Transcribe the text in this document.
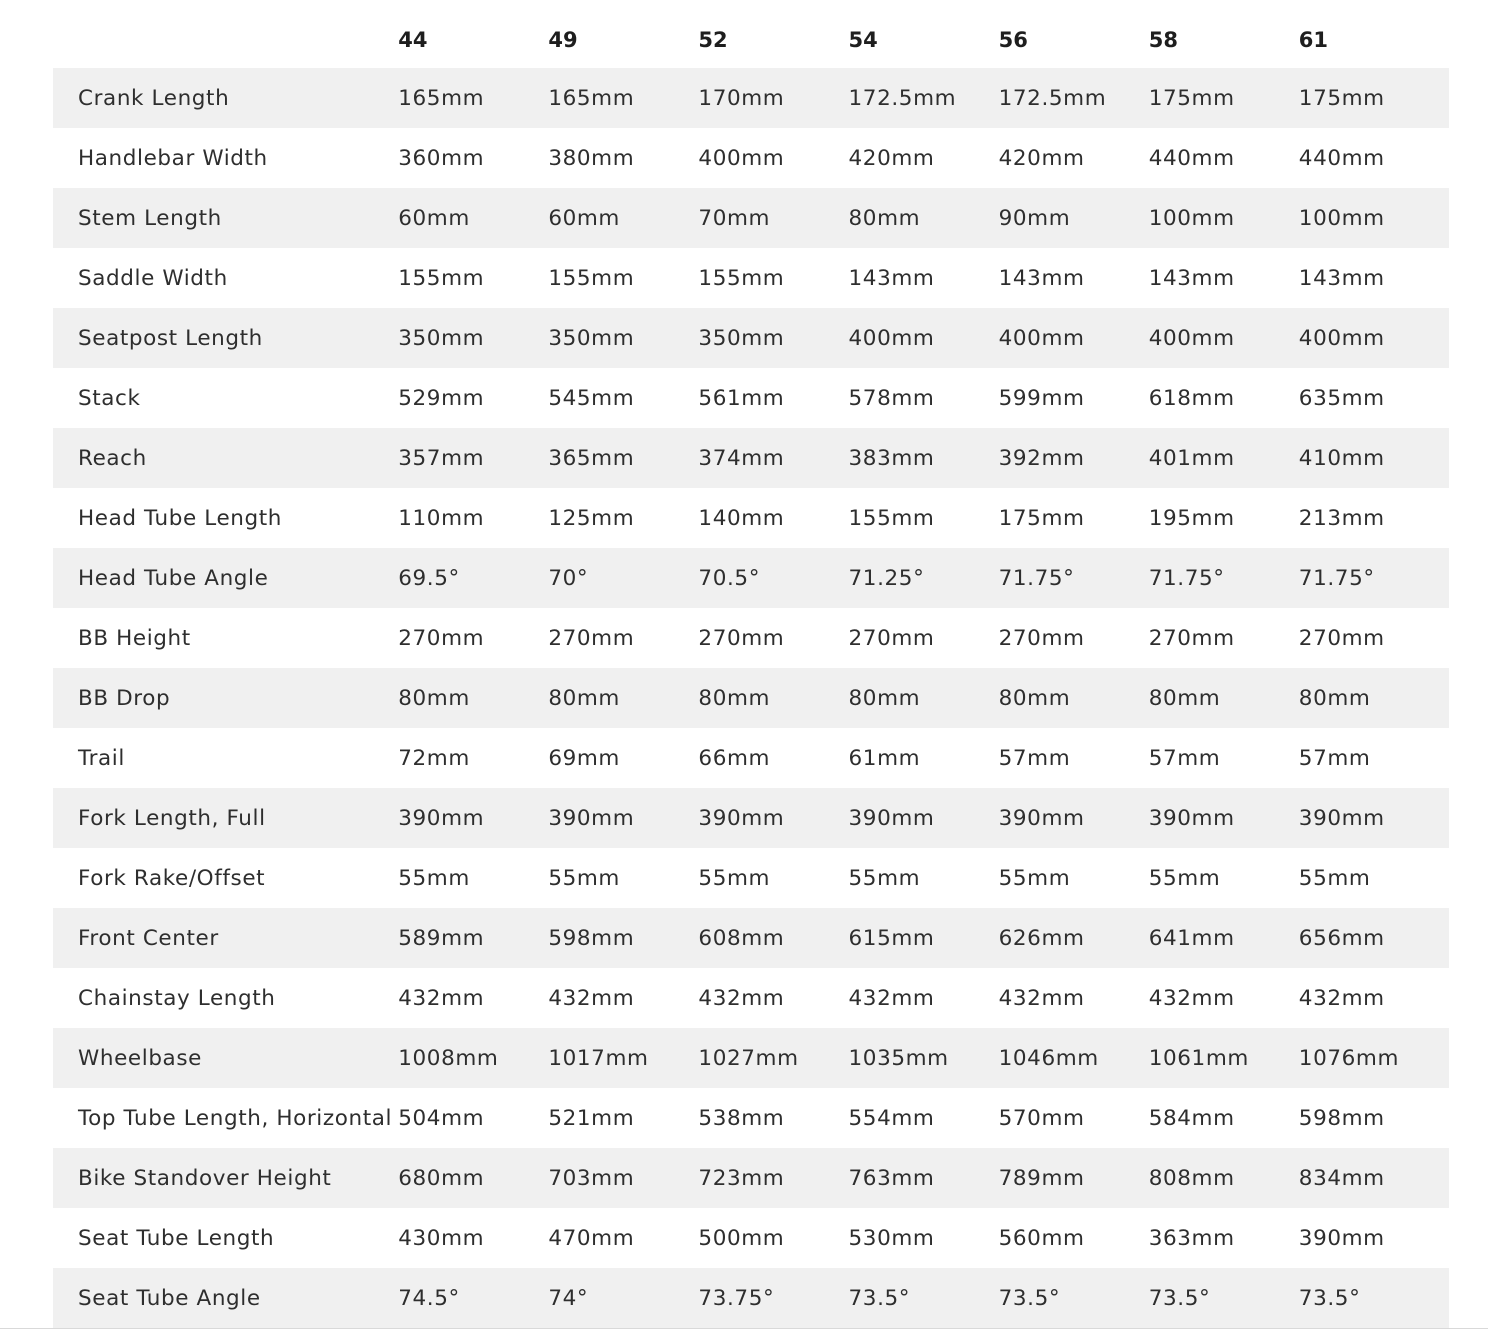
	44	49	52	54	56	58	61
Crank Length	165mm	165mm	170mm	172.5mm	172.5mm	175mm	175mm
Handlebar Width	360mm	380mm	400mm	420mm	420mm	440mm	440mm
Stem Length	60mm	60mm	70mm	80mm	90mm	100mm	100mm
Saddle Width	155mm	155mm	155mm	143mm	143mm	143mm	143mm
Seatpost Length	350mm	350mm	350mm	400mm	400mm	400mm	400mm
Stack	529mm	545mm	561mm	578mm	599mm	618mm	635mm
Reach	357mm	365mm	374mm	383mm	392mm	401mm	410mm
Head Tube Length	110mm	125mm	140mm	155mm	175mm	195mm	213mm
Head Tube Angle	69.5°	70°	70.5°	71.25°	71.75°	71.75°	71.75°
BB Height	270mm	270mm	270mm	270mm	270mm	270mm	270mm
BB Drop	80mm	80mm	80mm	80mm	80mm	80mm	80mm
Trail	72mm	69mm	66mm	61mm	57mm	57mm	57mm
Fork Length, Full	390mm	390mm	390mm	390mm	390mm	390mm	390mm
Fork Rake/Offset	55mm	55mm	55mm	55mm	55mm	55mm	55mm
Front Center	589mm	598mm	608mm	615mm	626mm	641mm	656mm
Chainstay Length	432mm	432mm	432mm	432mm	432mm	432mm	432mm
Wheelbase	1008mm	1017mm	1027mm	1035mm	1046mm	1061mm	1076mm
Top Tube Length, Horizontal	504mm	521mm	538mm	554mm	570mm	584mm	598mm
Bike Standover Height	680mm	703mm	723mm	763mm	789mm	808mm	834mm
Seat Tube Length	430mm	470mm	500mm	530mm	560mm	363mm	390mm
Seat Tube Angle	74.5°	74°	73.75°	73.5°	73.5°	73.5°	73.5°
